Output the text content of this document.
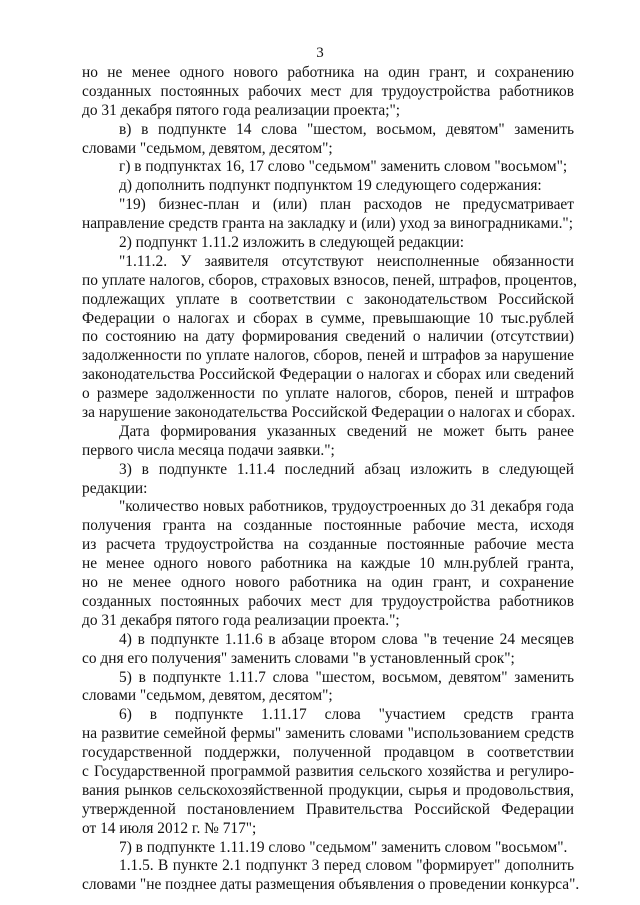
3
но не менее одного нового работника на один грант, и сохранению
созданных постоянных рабочих мест для трудоустройства работников
до 31 декабря пятого года реализации проекта;";
в) в подпункте 14 слова "шестом, восьмом, девятом" заменить
словами "седьмом, девятом, десятом";
г) в подпунктах 16, 17 слово "седьмом" заменить словом "восьмом";
д) дополнить подпункт подпунктом 19 следующего содержания:
"19) бизнес-план и (или) план расходов не предусматривает
направление средств гранта на закладку и (или) уход за виноградниками.";
2) подпункт 1.11.2 изложить в следующей редакции:
"1.11.2. У заявителя отсутствуют неисполненные обязанности
по уплате налогов, сборов, страховых взносов, пеней, штрафов, процентов,
подлежащих уплате в соответствии с законодательством Российской
Федерации о налогах и сборах в сумме, превышающие 10 тыс.рублей
по состоянию на дату формирования сведений о наличии (отсутствии)
задолженности по уплате налогов, сборов, пеней и штрафов за нарушение
законодательства Российской Федерации о налогах и сборах или сведений
о размере задолженности по уплате налогов, сборов, пеней и штрафов
за нарушение законодательства Российской Федерации о налогах и сборах.
Дата формирования указанных сведений не может быть ранее
первого числа месяца подачи заявки.";
3) в подпункте 1.11.4 последний абзац изложить в следующей
редакции:
"количество новых работников, трудоустроенных до 31 декабря года
получения гранта на созданные постоянные рабочие места, исходя
из расчета трудоустройства на созданные постоянные рабочие места
не менее одного нового работника на каждые 10 млн.рублей гранта,
но не менее одного нового работника на один грант, и сохранение
созданных постоянных рабочих мест для трудоустройства работников
до 31 декабря пятого года реализации проекта.";
4) в подпункте 1.11.6 в абзаце втором слова "в течение 24 месяцев
со дня его получения" заменить словами "в установленный срок";
5) в подпункте 1.11.7 слова "шестом, восьмом, девятом" заменить
словами "седьмом, девятом, десятом";
6) в подпункте 1.11.17 слова "участием средств гранта
на развитие семейной фермы" заменить словами "использованием средств
государственной поддержки, полученной продавцом в соответствии
с Государственной программой развития сельского хозяйства и регулиро-
вания рынков сельскохозяйственной продукции, сырья и продовольствия,
утвержденной постановлением Правительства Российской Федерации
от 14 июля 2012 г. № 717";
7) в подпункте 1.11.19 слово "седьмом" заменить словом "восьмом".
1.1.5. В пункте 2.1 подпункт 3 перед словом "формирует" дополнить
словами "не позднее даты размещения объявления о проведении конкурса".
